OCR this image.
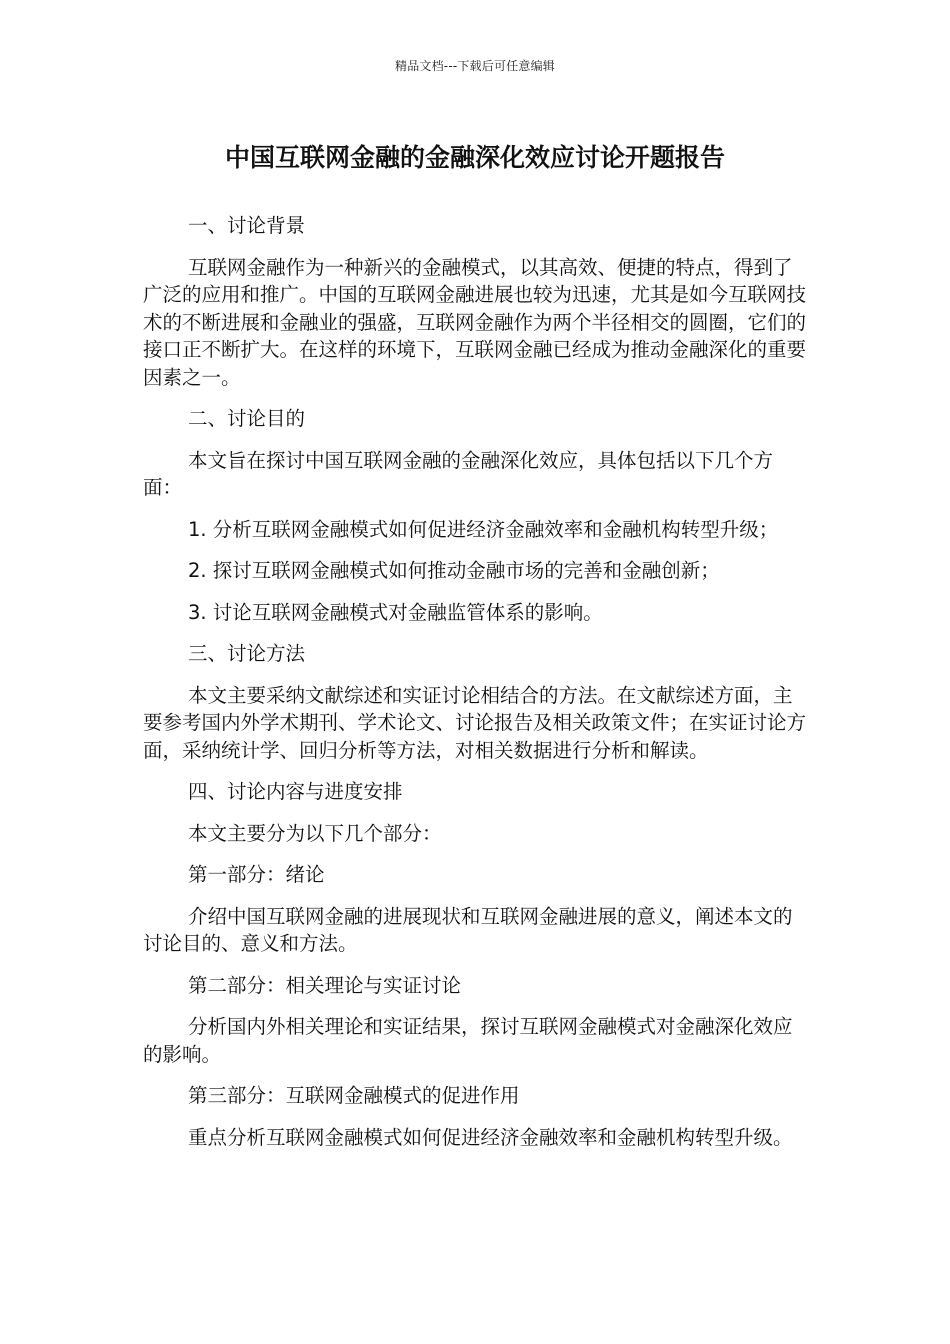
精品文档---下载后可任意编辑
中国互联网金融的金融深化效应讨论开题报告
一、讨论背景
互联网金融作为一种新兴的金融模式，以其高效、便捷的特点，得到了广泛的应用和推广。中国的互联网金融进展也较为迅速，尤其是如今互联网技术的不断进展和金融业的强盛，互联网金融作为两个半径相交的圆圈，它们的接口正不断扩大。在这样的环境下，互联网金融已经成为推动金融深化的重要因素之一。
二、讨论目的
本文旨在探讨中国互联网金融的金融深化效应，具体包括以下几个方面：
1. 分析互联网金融模式如何促进经济金融效率和金融机构转型升级；
2. 探讨互联网金融模式如何推动金融市场的完善和金融创新；
3. 讨论互联网金融模式对金融监管体系的影响。
三、讨论方法
本文主要采纳文献综述和实证讨论相结合的方法。在文献综述方面，主要参考国内外学术期刊、学术论文、讨论报告及相关政策文件；在实证讨论方面，采纳统计学、回归分析等方法，对相关数据进行分析和解读。
四、讨论内容与进度安排
本文主要分为以下几个部分：
第一部分：绪论
介绍中国互联网金融的进展现状和互联网金融进展的意义，阐述本文的讨论目的、意义和方法。
第二部分：相关理论与实证讨论
分析国内外相关理论和实证结果，探讨互联网金融模式对金融深化效应的影响。
第三部分：互联网金融模式的促进作用
重点分析互联网金融模式如何促进经济金融效率和金融机构转型升级。
